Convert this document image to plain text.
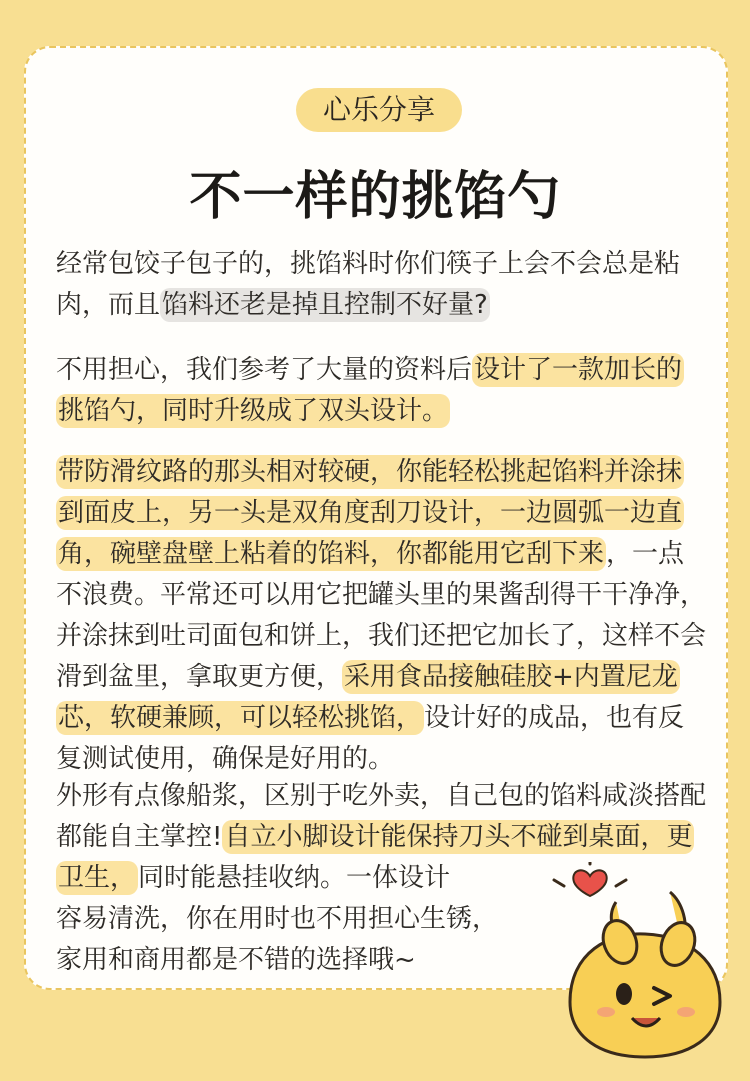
心乐分享
不一样的挑馅勺
经常包饺子包子的，挑馅料时你们筷子上会不会总是粘肉，而且馅料还老是掉且控制不好量?
不用担心，我们参考了大量的资料后设计了一款加长的挑馅勺，同时升级成了双头设计。
带防滑纹路的那头相对较硬，你能轻松挑起馅料并涂抹到面皮上，另一头是双角度刮刀设计，一边圆弧一边直角，碗壁盘壁上粘着的馅料，你都能用它刮下来，一点不浪费。平常还可以用它把罐头里的果酱刮得干干净净，并涂抹到吐司面包和饼上，我们还把它加长了，这样不会滑到盆里，拿取更方便，采用食品接触硅胶+内置尼龙芯，软硬兼顾，可以轻松挑馅，设计好的成品，也有反复测试使用，确保是好用的。
外形有点像船浆，区别于吃外卖，自己包的馅料咸淡搭配都能自主掌控!自立小脚设计能保持刀头不碰到桌面，更卫生，同时能悬挂收纳。一体设计
容易清洗，你在用时也不用担心生锈，
家用和商用都是不错的选择哦~
